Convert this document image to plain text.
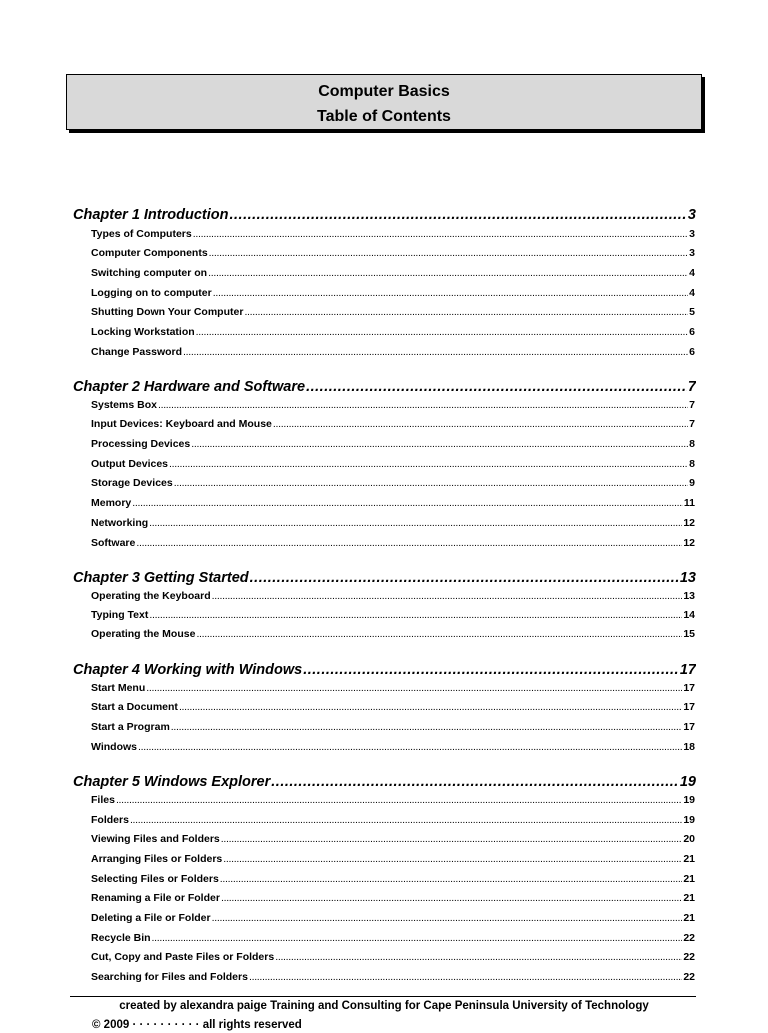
Computer Basics
Table of Contents
Chapter 1 Introduction .....	3
Types of Computers .....	3
Computer Components .....	3
Switching computer on .....	4
Logging on to computer .....	4
Shutting Down Your Computer .....	5
Locking Workstation .....	6
Change Password .....	6
Chapter 2 Hardware and Software .....	7
Systems Box .....	7
Input Devices: Keyboard and Mouse .....	7
Processing Devices .....	8
Output Devices .....	8
Storage Devices .....	9
Memory .....	11
Networking .....	12
Software .....	12
Chapter 3 Getting Started .....	13
Operating the Keyboard .....	13
Typing Text .....	14
Operating the Mouse .....	15
Chapter 4 Working with Windows .....	17
Start Menu .....	17
Start a Document .....	17
Start a Program .....	17
Windows .....	18
Chapter 5 Windows Explorer .....	19
Files .....	19
Folders .....	19
Viewing Files and Folders .....	20
Arranging Files or Folders .....	21
Selecting Files or Folders .....	21
Renaming a File or Folder .....	21
Deleting a File or Folder .....	21
Recycle Bin .....	22
Cut, Copy and Paste Files or Folders .....	22
Searching for Files and Folders .....	22
created by alexandra paige Training and Consulting for Cape Peninsula University of Technology
© 2009 · · · · · · · · · · all rights reserved
